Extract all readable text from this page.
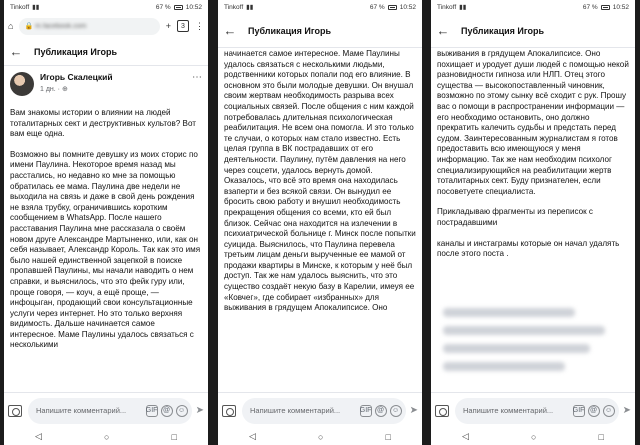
Tinkoff ▮▮	67 % 10:52
⌂ 🔒 m.facebook.com	+	3	⋮
←	Публикация Игорь
Игорь Скалецкий
1 дн. · ⊕
⋯

Вам знакомы истории о влиянии на людей тоталитарных сект и деструктивных культов? Вот вам еще одна.

Возможно вы помните девушку из моих сторис по имени Паулина. Некоторое время назад мы расстались, но недавно ко мне за помощью обратилась ее мама. Паулина две недели не выходила на связь и даже в свой день рождения не взяла трубку, ограничившись коротким сообщением в WhatsApp. После нашего расставания Паулина мне рассказала о своём новом друге Александре Мартыненко, или, как он себя называет, Александр Король. Так как это имя было нашей единственной зацепкой в поиске пропавшей Паулины, мы начали наводить о нем справки, и выяснилось, что это фейк гуру или, проще говоря, — коуч, а ещё проще, — инфоцыган, продающий свои консультационные услуги через интернет. Но это только верхняя видимость. Дальше начинается самое интересное. Маме Паулины удалось связаться с несколькими

Напишите комментарий...	GIF @	☺ ➤
◁	○	□
Tinkoff ▮▮	67 % 10:52
←	Публикация Игорь

начинается самое интересное. Маме Паулины удалось связаться с несколькими людьми, родственники которых попали под его влияние. В основном это были молодые девушки. Он внушал своим жертвам необходимость разрыва всех социальных связей. После общения с ним каждой потребовалась длительная психологическая реабилитация. Не всем она помогла. И это только те случаи, о которых нам стало известно. Есть целая группа в ВК пострадавших от его деятельности. Паулину, путём давления на него через соцсети, удалось вернуть домой. Оказалось, что всё это время она находилась взаперти и без всякой связи. Он вынудил ее бросить свою работу и внушил необходимость прекращения общения со всеми, кто ей был близок. Сейчас она находится на излечении в психиатрической больнице г. Минск после попытки суицида. Выяснилось, что Паулина перевела третьим лицам деньги вырученные ее мамой от продажи квартиры в Минске, к которым у неё был доступ. Так же нам удалось выяснить, что это существо создаёт некую базу в Карелии, имеуя ее «Ковчег», где собирает «избранных» для выживания в грядущем Апокалипсисе. Оно

Напишите комментарий...	GIF @	☺ ➤
◁	○	□
Tinkoff ▮▮	67 % 10:52
←	Публикация Игорь

выживания в грядущем Апокалипсисе. Оно похищает и уродует души людей с помощью некой разновидности гипноза или НЛП. Отец этого существа — высокопоставленный чиновник, возможно по этому сынку всё сходит с рук. Прошу вас о помощи в распространении информации — его необходимо остановить, оно должно прекратить калечить судьбы и предстать перед судом. Заинтересованным журналистам я готов предоставить всю имеющуюся у меня информацию. Так же нам необходим психолог специализирующийся на реабилитации жертв тоталитарных сект. Буду признателен, если посоветуете специалиста.

Прикладываю фрагменты из переписок с пострадавшими

каналы и инстаграмы которые он начал удалять после этого поста .

Напишите комментарий...	GIF @	☺ ➤
◁	○	□
